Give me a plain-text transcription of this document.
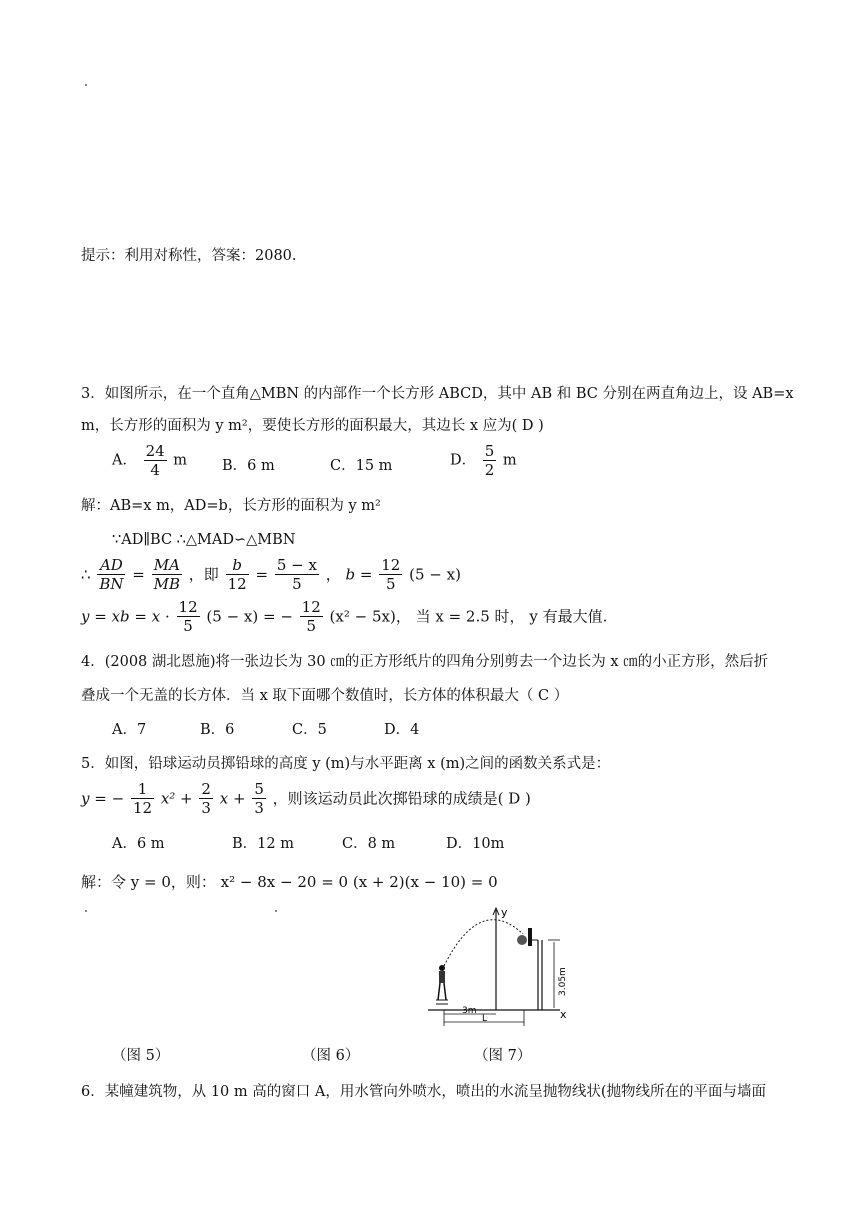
提示：利用对称性，答案：2080.
3．如图所示，在一个直角△MBN 的内部作一个长方形 ABCD，其中 AB 和 BC 分别在两直角边上，设 AB=x
m，长方形的面积为 y m²，要使长方形的面积最大，其边长 x 应为( D )
A． $\frac{24}{4}$ m B．6 m	C．15 m	D． $\frac{5}{2}$ m
解：AB=x m，AD=b，长方形的面积为 y m²
∵AD∥BC ∴△MAD∽△MBN
∴ $\frac{AD}{BN} = \frac{MA}{MB}$ ，即 $\frac{b}{12} = \frac{5 - x}{5}$ ， $b = \frac{12}{5} (5 - x)$
y = xb = $x \cdot \frac{12}{5} (5 - x)$ = − $\frac{12}{5} (x^2 - 5x)$， 当 x = 2.5 时， y 有最大值.
4．(2008 湖北恩施)将一张边长为 30 ㎝的正方形纸片的四角分别剪去一个边长为 x ㎝的小正方形，然后折
叠成一个无盖的长方体．当 x 取下面哪个数值时，长方体的体积最大（ C ）
A．7	B．6	C．5	D．4
5．如图，铅球运动员掷铅球的高度 y (m)与水平距离 x (m)之间的函数关系式是：
y = − $\frac{1}{12} x^2 + \frac{2}{3}$ $x + \frac{5}{3}$ ，则该运动员此次掷铅球的成绩是( D )
A．6 m	B．12 m	C．8 m	D．10m
解：令 y = 0，则： x² − 8x − 20 = 0 (x + 2)(x − 10) = 0
x
y
3.05m
3m
L
（图 5）	（图 6）	（图 7）
6．某幢建筑物，从 10 m 高的窗口 A，用水管向外喷水，喷出的水流呈抛物线状(抛物线所在的平面与墙面
